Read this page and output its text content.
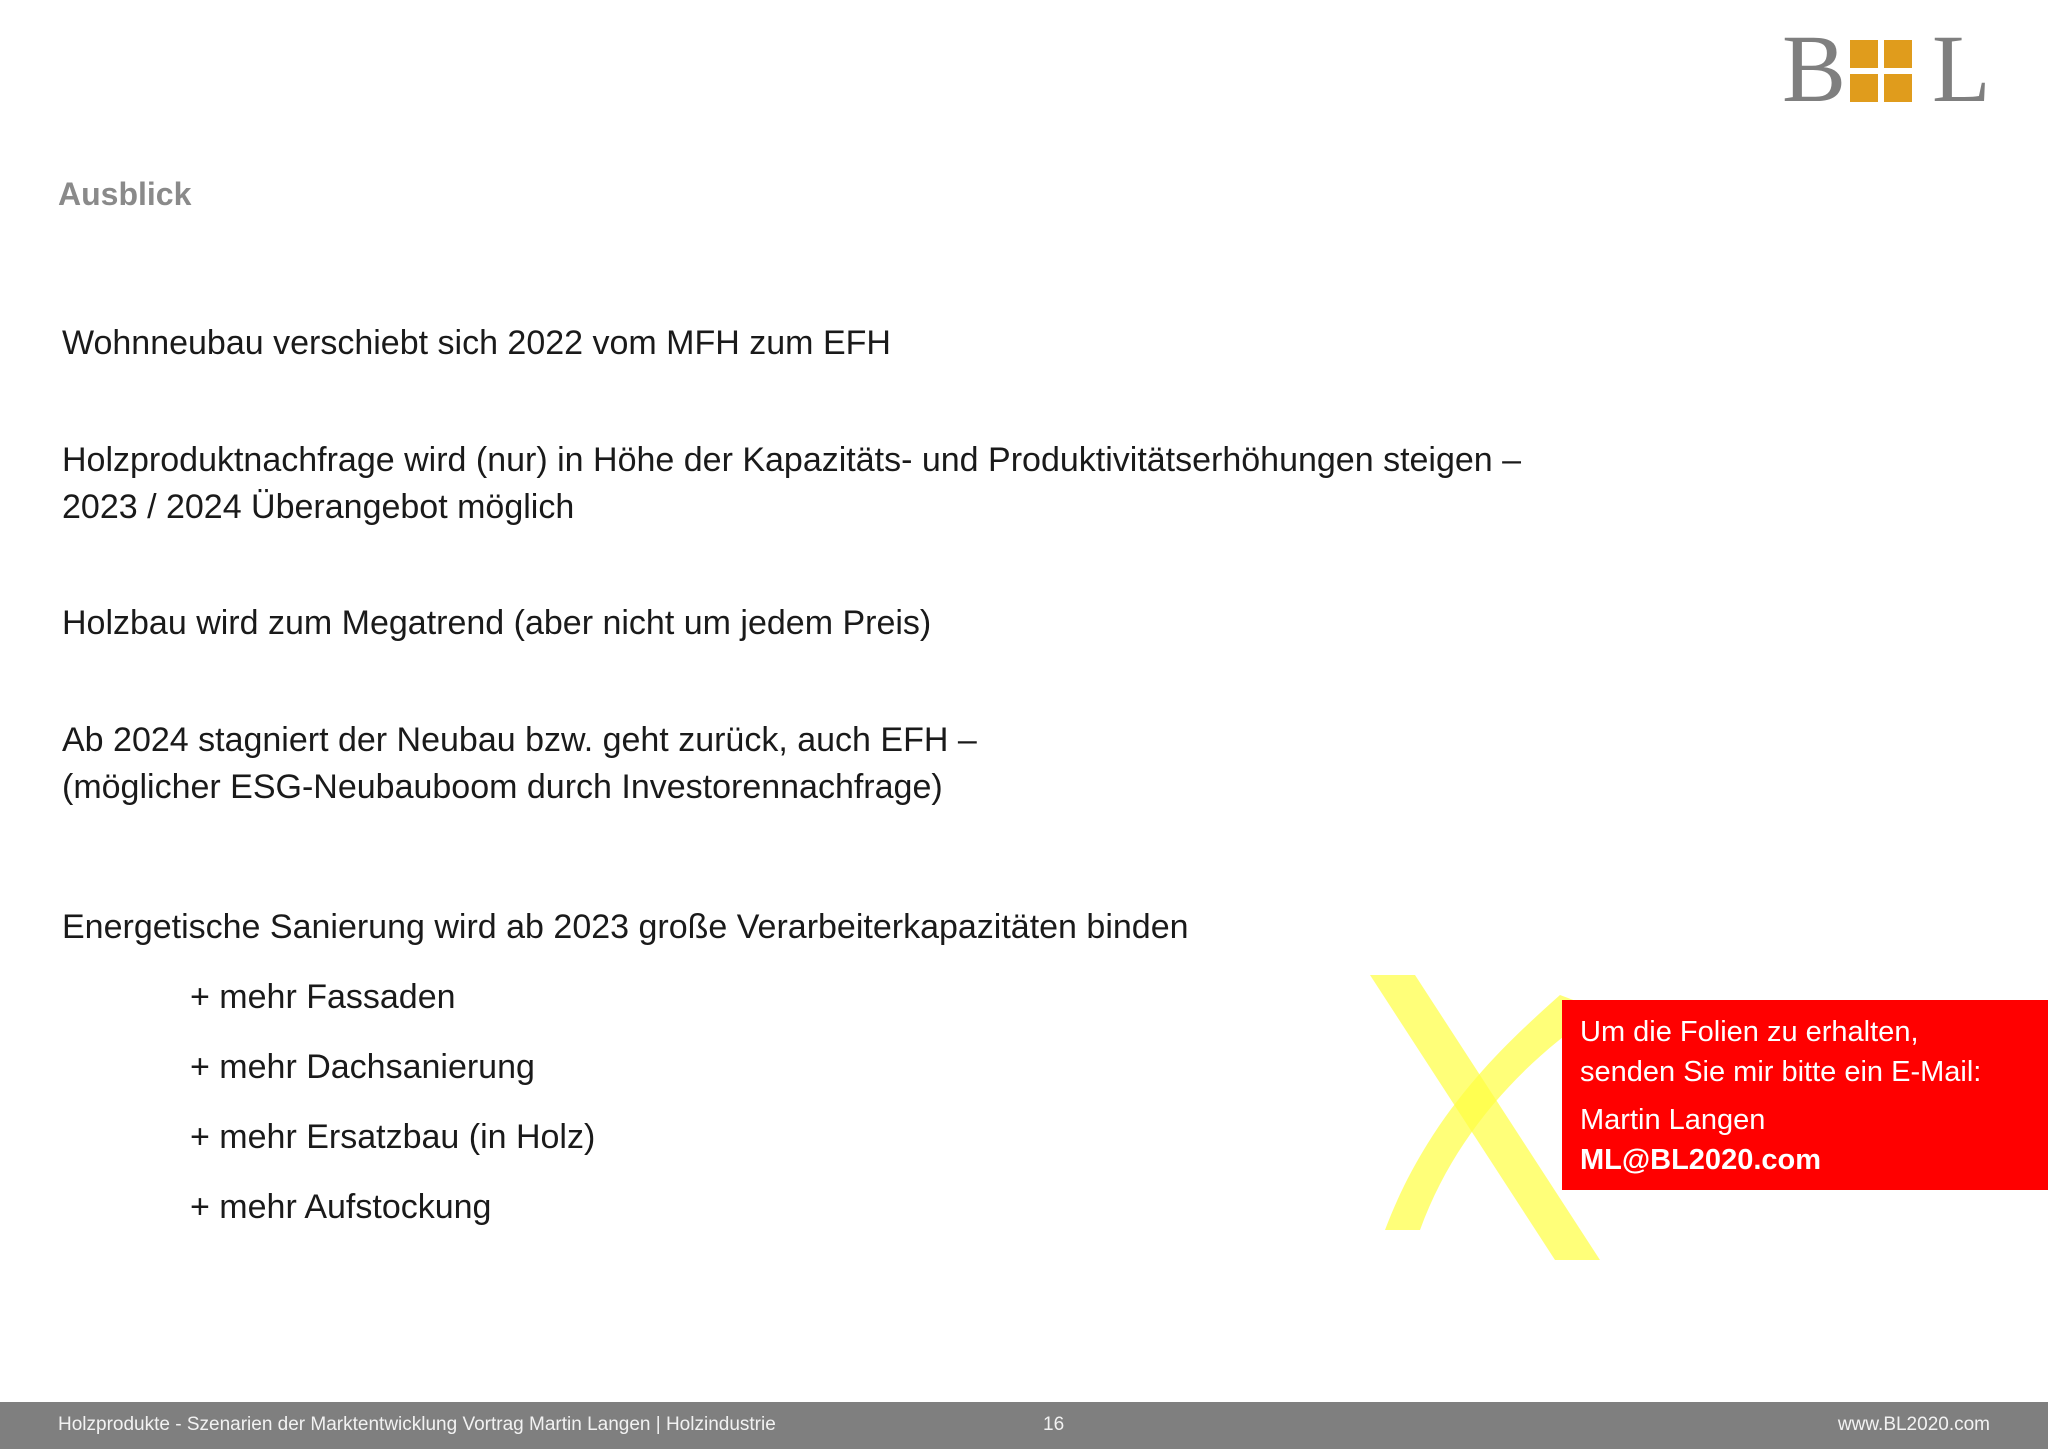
B L
Ausblick

Wohnneubau verschiebt sich 2022 vom MFH zum EFH

Holzproduktnachfrage wird (nur) in Höhe der Kapazitäts- und Produktivitätserhöhungen steigen –

2023 / 2024 Überangebot möglich

Holzbau wird zum Megatrend (aber nicht um jedem Preis)

Ab 2024 stagniert der Neubau bzw. geht zurück, auch EFH –

(möglicher ESG-Neubauboom durch Investorennachfrage)

Energetische Sanierung wird ab 2023 große Verarbeiterkapazitäten binden

+ mehr Fassaden

+ mehr Dachsanierung

+ mehr Ersatzbau (in Holz)

+ mehr Aufstockung

Um die Folien zu erhalten,
senden Sie mir bitte ein E-Mail:
Martin Langen
ML@BL2020.com
Holzprodukte - Szenarien der Marktentwicklung Vortrag Martin Langen | Holzindustrie	16	www.BL2020.com
